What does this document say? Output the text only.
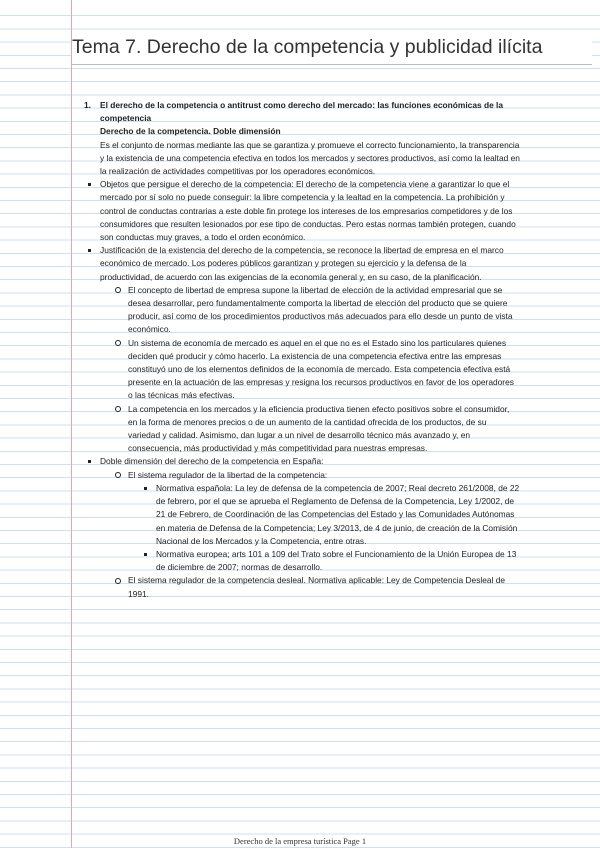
Tema 7. Derecho de la competencia y publicidad ilícita

1. El derecho de la competencia o antitrust como derecho del mercado: las funciones económicas de la competencia

Derecho de la competencia. Doble dimensión

Es el conjunto de normas mediante las que se garantiza y promueve el correcto funcionamiento, la transparencia y la existencia de una competencia efectiva en todos los mercados y sectores productivos, así como la lealtad en la realización de actividades competitivas por los operadores económicos.

Objetos que persigue el derecho de la competencia: El derecho de la competencia viene a garantizar lo que el mercado por sí solo no puede conseguir: la libre competencia y la lealtad en la competencia. La prohibición y control de conductas contrarias a este doble fin protege los intereses de los empresarios competidores y de los consumidores que resulten lesionados por ese tipo de conductas. Pero estas normas también protegen, cuando son conductas muy graves, a todo el orden económico.

Justificación de la existencia del derecho de la competencia, se reconoce la libertad de empresa en el marco económico de mercado. Los poderes públicos garantizan y protegen su ejercicio y la defensa de la productividad, de acuerdo con las exigencias de la economía general y, en su caso, de la planificación.

El concepto de libertad de empresa supone la libertad de elección de la actividad empresarial que se desea desarrollar, pero fundamentalmente comporta la libertad de elección del producto que se quiere producir, así como de los procedimientos productivos más adecuados para ello desde un punto de vista económico.

Un sistema de economía de mercado es aquel en el que no es el Estado sino los particulares quienes deciden qué producir y cómo hacerlo. La existencia de una competencia efectiva entre las empresas constituyó uno de los elementos definidos de la economía de mercado. Esta competencia efectiva está presente en la actuación de las empresas y resigna los recursos productivos en favor de los operadores o las técnicas más efectivas.

La competencia en los mercados y la eficiencia productiva tienen efecto positivos sobre el consumidor, en la forma de menores precios o de un aumento de la cantidad ofrecida de los productos, de su variedad y calidad. Asimismo, dan lugar a un nivel de desarrollo técnico más avanzado y, en consecuencia, más productividad y más competitividad para nuestras empresas.

Doble dimensión del derecho de la competencia en España:

El sistema regulador de la libertad de la competencia:

Normativa española: La ley de defensa de la competencia de 2007; Real decreto 261/2008, de 22 de febrero, por el que se aprueba el Reglamento de Defensa de la Competencia, Ley 1/2002, de 21 de Febrero, de Coordinación de las Competencias del Estado y las Comunidades Autónomas en materia de Defensa de la Competencia; Ley 3/2013, de 4 de junio, de creación de la Comisión Nacional de los Mercados y la Competencia, entre otras.

Normativa europea; arts 101 a 109 del Trato sobre el Funcionamiento de la Unión Europea de 13 de diciembre de 2007; normas de desarrollo.

El sistema regulador de la competencia desleal. Normativa aplicable: Ley de Competencia Desleal de 1991.

Derecho de la empresa turística Page 1
